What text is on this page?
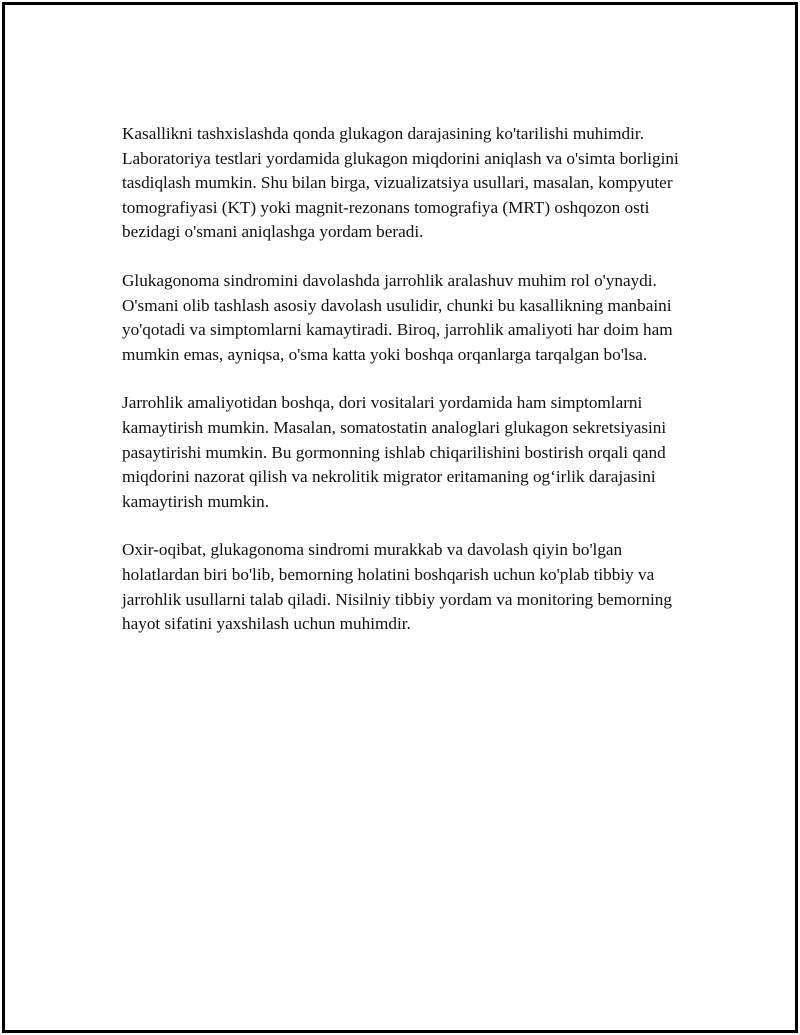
Kasallikni tashxislashda qonda glukagon darajasining ko'tarilishi muhimdir. Laboratoriya testlari yordamida glukagon miqdorini aniqlash va o'simta borligini tasdiqlash mumkin. Shu bilan birga, vizualizatsiya usullari, masalan, kompyuter tomografiyasi (KT) yoki magnit-rezonans tomografiya (MRT) oshqozon osti bezidagi o'smani aniqlashga yordam beradi.

Glukagonoma sindromini davolashda jarrohlik aralashuv muhim rol o'ynaydi. O'smani olib tashlash asosiy davolash usulidir, chunki bu kasallikning manbaini yo'qotadi va simptomlarni kamaytiradi. Biroq, jarrohlik amaliyoti har doim ham mumkin emas, ayniqsa, o'sma katta yoki boshqa orqanlarga tarqalgan bo'lsa.

Jarrohlik amaliyotidan boshqa, dori vositalari yordamida ham simptomlarni kamaytirish mumkin. Masalan, somatostatin analoglari glukagon sekretsiyasini pasaytirishi mumkin. Bu gormonning ishlab chiqarilishini bostirish orqali qand miqdorini nazorat qilish va nekrolitik migrator eritamaning og‘irlik darajasini kamaytirish mumkin.

Oxir-oqibat, glukagonoma sindromi murakkab va davolash qiyin bo'lgan holatlardan biri bo'lib, bemorning holatini boshqarish uchun ko'plab tibbiy va jarrohlik usullarni talab qiladi. Nisilniy tibbiy yordam va monitoring bemorning hayot sifatini yaxshilash uchun muhimdir.
